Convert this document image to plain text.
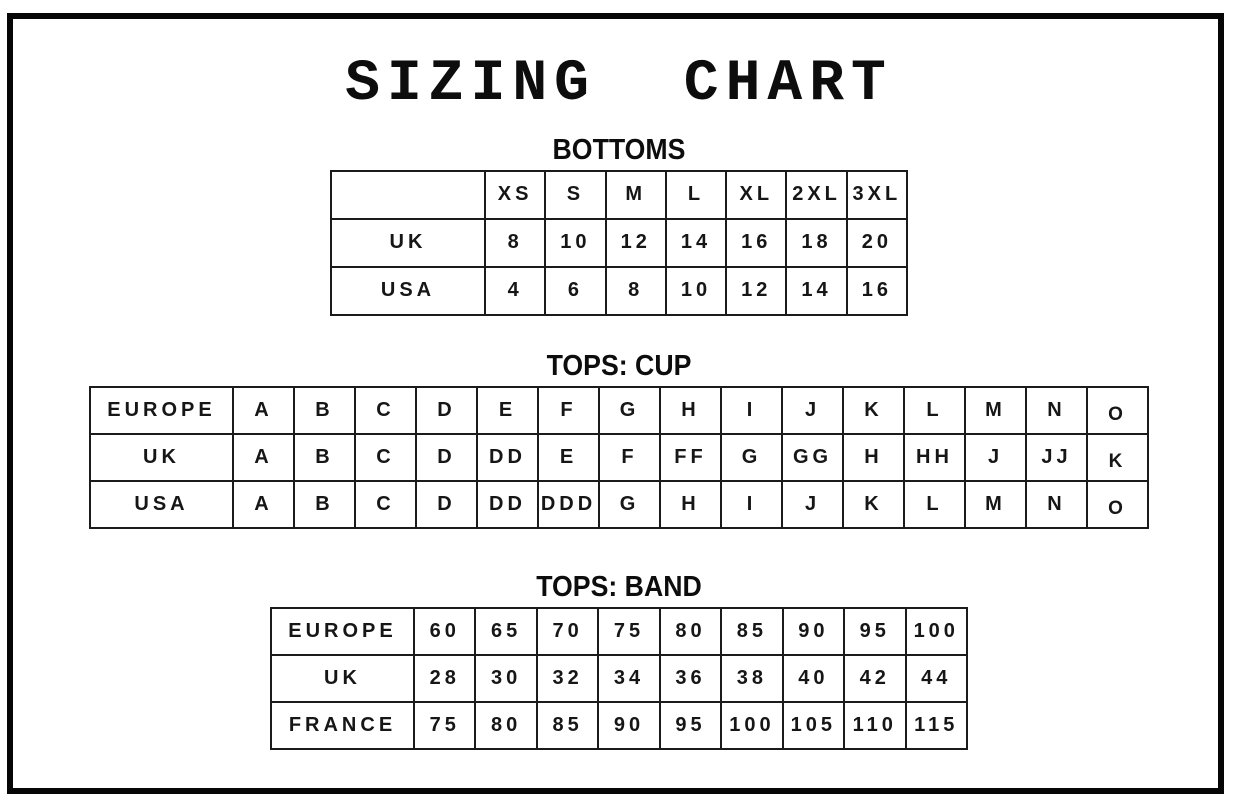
SIZING CHART
BOTTOMS
	XS	S	M	L	XL	2XL	3XL
UK	8	10	12	14	16	18	20
USA	4	6	8	10	12	14	16
TOPS: CUP
EUROPE	A	B	C	D	E	F	G	H	I	J	K	L	M	N	O
UK	A	B	C	D	DD	E	F	FF	G	GG	H	HH	J	JJ	K
USA	A	B	C	D	DD	DDD	G	H	I	J	K	L	M	N	O
TOPS: BAND
EUROPE	60	65	70	75	80	85	90	95	100
UK	28	30	32	34	36	38	40	42	44
FRANCE	75	80	85	90	95	100	105	110	115
